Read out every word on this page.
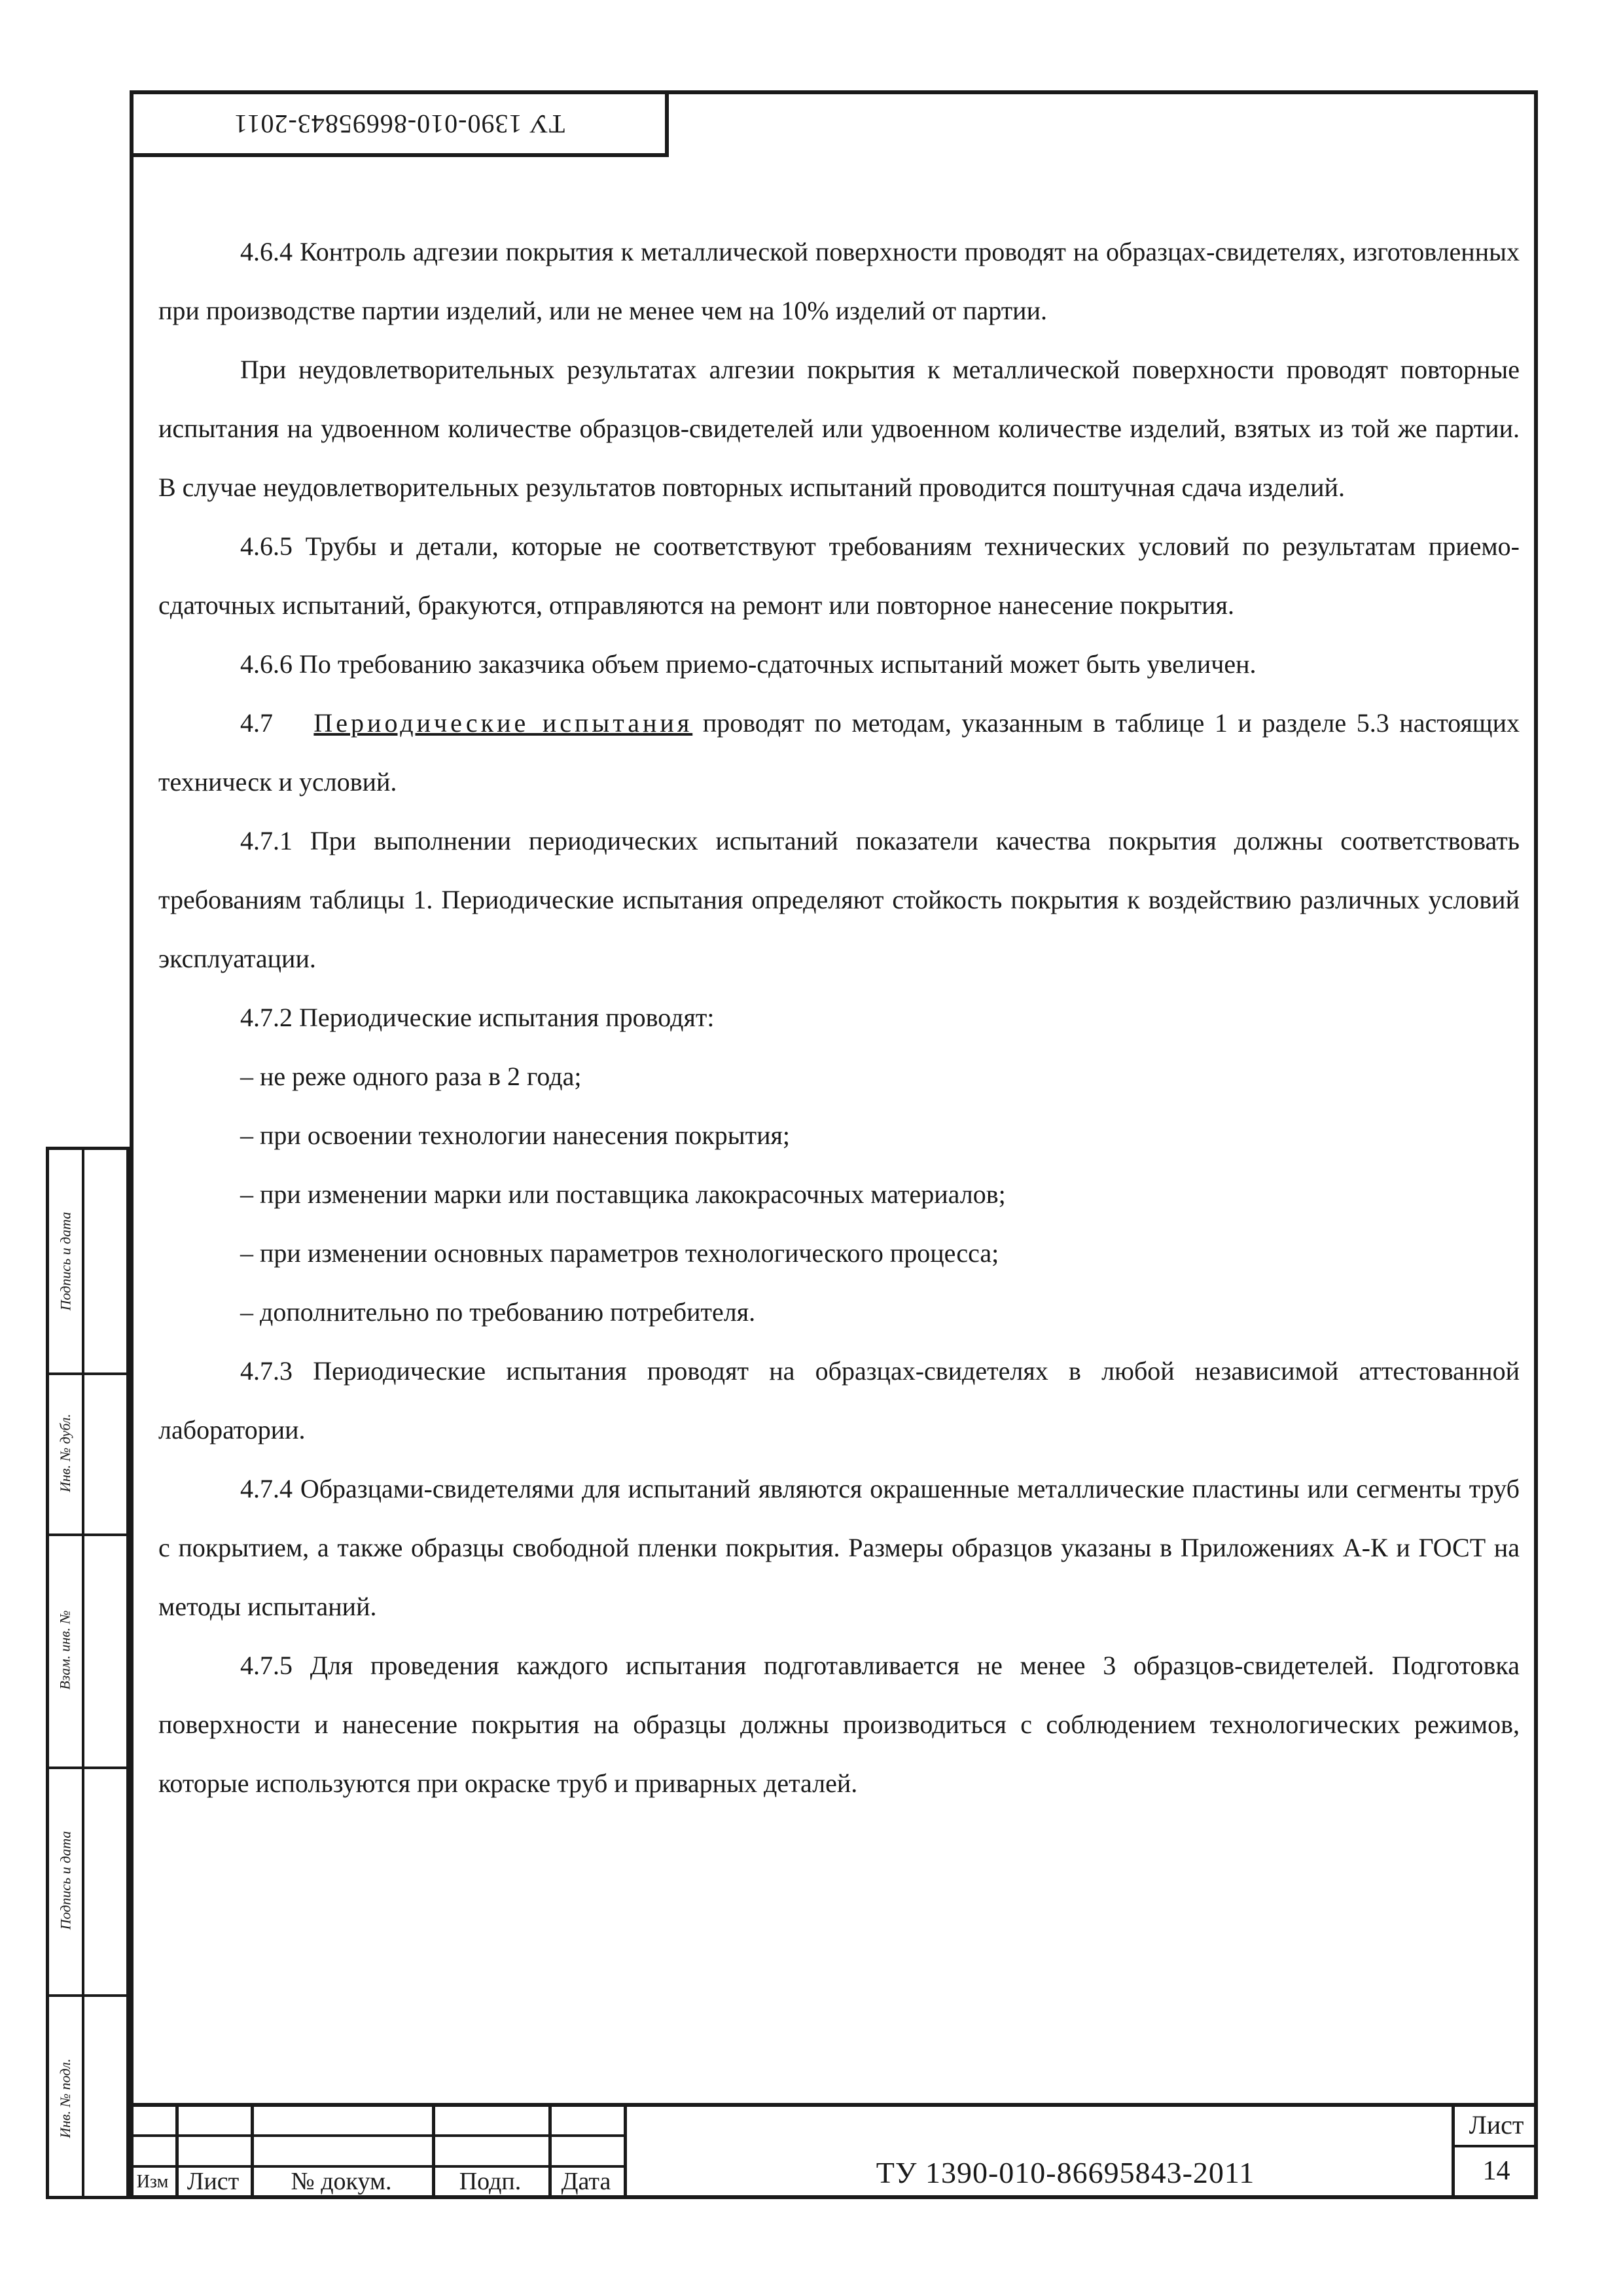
ТУ 1390-010-86695843-2011
Подпись и дата
Инв. № дубл.
Взам. инв. №
Подпись и дата
Инв. № подл.

4.6.4 Контроль адгезии покрытия к металлической поверхности проводят на образцах-свидетелях, изготовленных при производстве партии изделий, или не менее чем на 10% изделий от партии.

При неудовлетворительных результатах алгезии покрытия к металлической поверхности проводят повторные испытания на удвоенном количестве образцов-свидетелей или удвоенном количестве изделий, взятых из той же партии. В случае неудовлетворительных результатов повторных испытаний проводится поштучная сдача изделий.

4.6.5 Трубы и детали, которые не соответствуют требованиям технических условий по результатам приемо-сдаточных испытаний, бракуются, отправляются на ремонт или повторное нанесение покрытия.

4.6.6 По требованию заказчика объем приемо-сдаточных испытаний может быть увеличен.

4.7 Периодические испытания проводят по методам, указанным в таблице 1 и разделе 5.3 настоящих техническ и условий.

4.7.1 При выполнении периодических испытаний показатели качества покрытия должны соответствовать требованиям таблицы 1. Периодические испытания определяют стойкость покрытия к воздействию различных условий эксплуатации.

4.7.2 Периодические испытания проводят:

– не реже одного раза в 2 года;

– при освоении технологии нанесения покрытия;

– при изменении марки или поставщика лакокрасочных материалов;

– при изменении основных параметров технологического процесса;

– дополнительно по требованию потребителя.

4.7.3 Периодические испытания проводят на образцах-свидетелях в любой независимой аттестованной лаборатории.

4.7.4 Образцами-свидетелями для испытаний являются окрашенные металлические пластины или сегменты труб с покрытием, а также образцы свободной пленки покрытия. Размеры образцов указаны в Приложениях А-К и ГОСТ на методы испытаний.

4.7.5 Для проведения каждого испытания подготавливается не менее 3 образцов-свидетелей. Подготовка поверхности и нанесение покрытия на образцы должны производиться с соблюдением технологических режимов, которые используются при окраске труб и приварных деталей.

Изм Лист	№ докум.	Подп.	Дата	ТУ 1390-010-86695843-2011
Лист
14
